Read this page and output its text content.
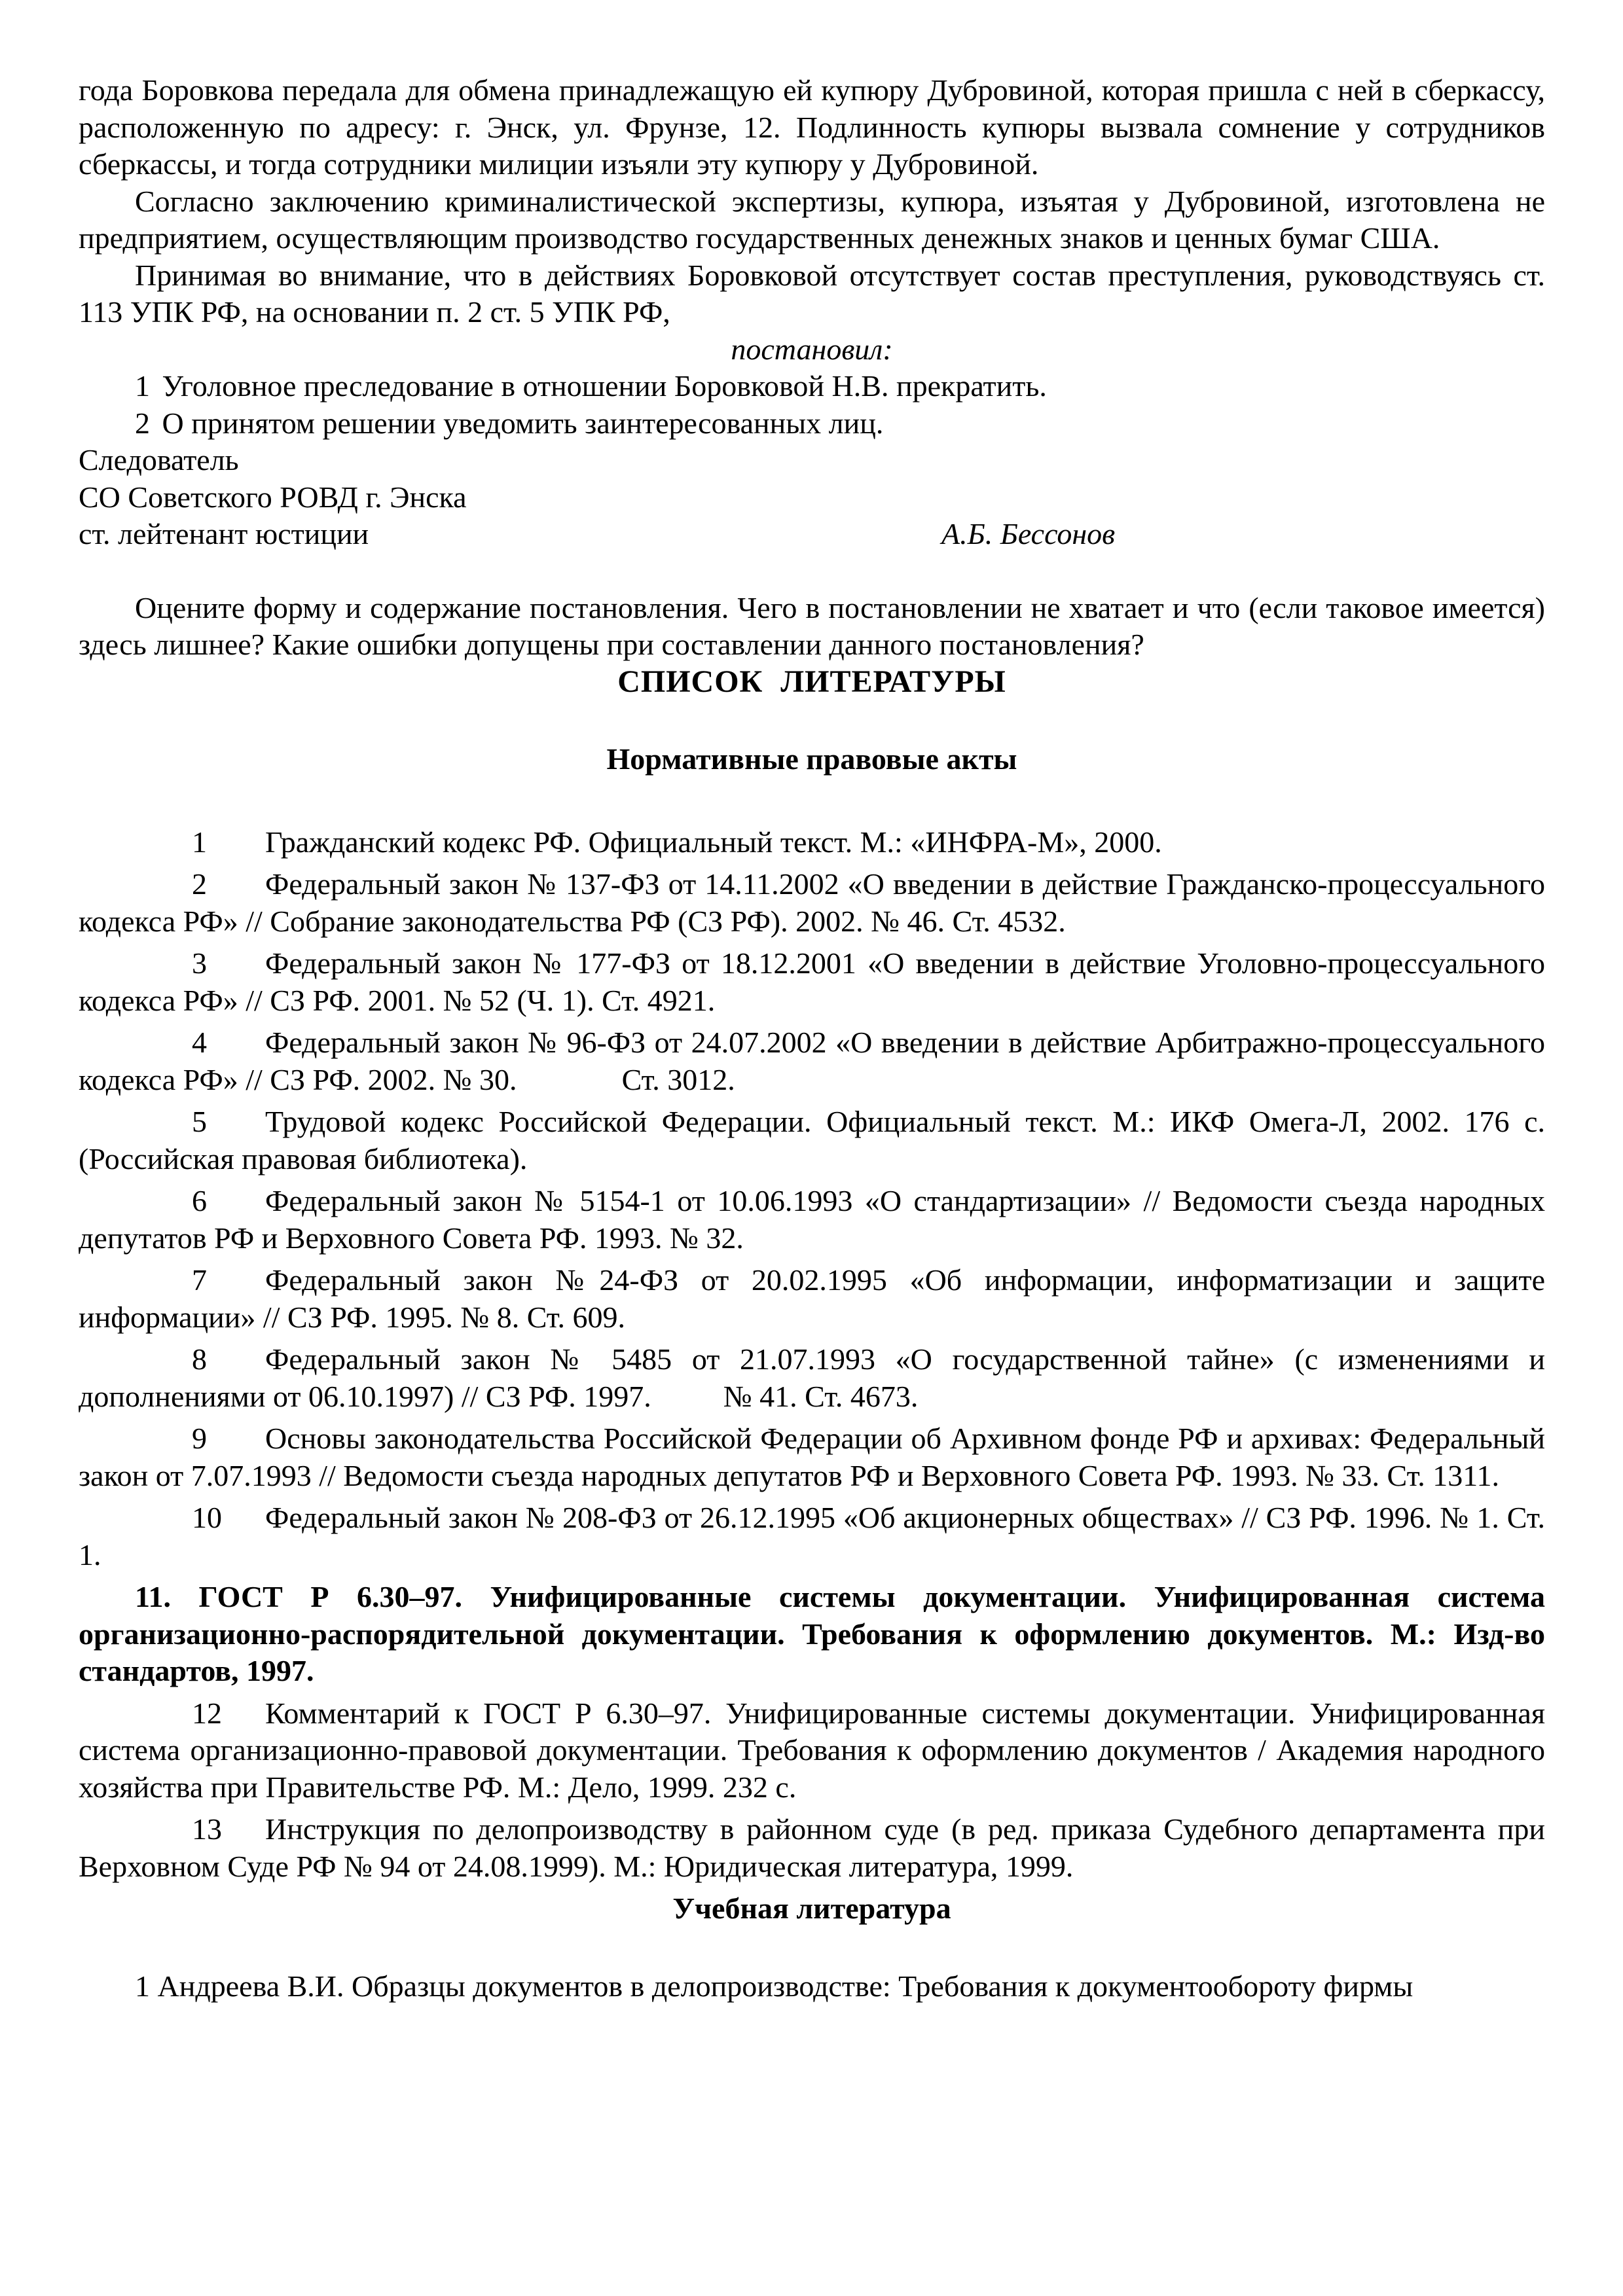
года Боровкова передала для обмена принадлежащую ей купюру Дубровиной, которая пришла с ней в сберкассу, расположенную по адресу: г. Энск, ул. Фрунзе, 12. Подлинность купюры вызвала сомнение у сотрудников сберкассы, и тогда сотрудники милиции изъяли эту купюру у Дубровиной.

Согласно заключению криминалистической экспертизы, купюра, изъятая у Дубровиной, изготовлена не предприятием, осуществляющим производство государственных денежных знаков и ценных бумаг США.

Принимая во внимание, что в действиях Боровковой отсутствует состав преступления, руководствуясь ст. 113 УПК РФ, на основании п. 2 ст. 5 УПК РФ,

постановил:

1 Уголовное преследование в отношении Боровковой Н.В. прекратить.

2 О принятом решении уведомить заинтересованных лиц.

Следователь

СО Советского РОВД г. Энска

ст. лейтенант юстиции	А.Б. Бессонов

Оцените форму и содержание постановления. Чего в постановлении не хватает и что (если таковое имеется) здесь лишнее? Какие ошибки допущены при составлении данного постановления?

СПИСОК ЛИТЕРАТУРЫ

Нормативные правовые акты

1 Гражданский кодекс РФ. Официальный текст. М.: «ИНФРА-М», 2000.

2 Федеральный закон № 137-ФЗ от 14.11.2002 «О введении в действие Гражданско-процессуального кодекса РФ» // Собрание законодательства РФ (СЗ РФ). 2002. № 46. Ст. 4532.

3 Федеральный закон № 177-ФЗ от 18.12.2001 «О введении в действие Уголовно-процессуального кодекса РФ» // СЗ РФ. 2001. № 52 (Ч. 1). Ст. 4921.

4 Федеральный закон № 96-ФЗ от 24.07.2002 «О введении в действие Арбитражно-процессуального кодекса РФ» // СЗ РФ. 2002. № 30.	Ст. 3012.

5 Трудовой кодекс Российской Федерации. Официальный текст. М.: ИКФ Омега-Л, 2002. 176 с. (Российская правовая библиотека).

6 Федеральный закон № 5154-1 от 10.06.1993 «О стандартизации» // Ведомости съезда народных депутатов РФ и Верховного Совета РФ. 1993. № 32.

7 Федеральный закон №24-ФЗ от 20.02.1995 «Об информации, информатизации и защите информации» // СЗ РФ. 1995. № 8. Ст. 609.

8 Федеральный закон № 5485 от 21.07.1993 «О государственной тайне» (с изменениями и дополнениями от 06.10.1997) // СЗ РФ. 1997. № 41. Ст. 4673.

9 Основы законодательства Российской Федерации об Архивном фонде РФ и архивах: Федеральный закон от 7.07.1993 // Ведомости съезда народных депутатов РФ и Верховного Совета РФ. 1993. № 33. Ст. 1311.

10 Федеральный закон № 208-ФЗ от 26.12.1995 «Об акционерных обществах» // СЗ РФ. 1996. № 1. Ст. 1.

11. ГОСТ Р 6.30–97. Унифицированные системы документации. Унифицированная система организационно-распорядительной документации. Требования к оформлению документов. М.: Изд-во стандартов, 1997.

12 Комментарий к ГОСТ Р 6.30–97. Унифицированные системы документации. Унифицированная система организационно-правовой документации. Требования к оформлению документов / Академия народного хозяйства при Правительстве РФ. М.: Дело, 1999. 232 с.

13 Инструкция по делопроизводству в районном суде (в ред. приказа Судебного департамента при Верховном Суде РФ № 94 от 24.08.1999). М.: Юридическая литература, 1999.

Учебная литература

1 Андреева В.И. Образцы документов в делопроизводстве: Требования к документообороту фирмы
